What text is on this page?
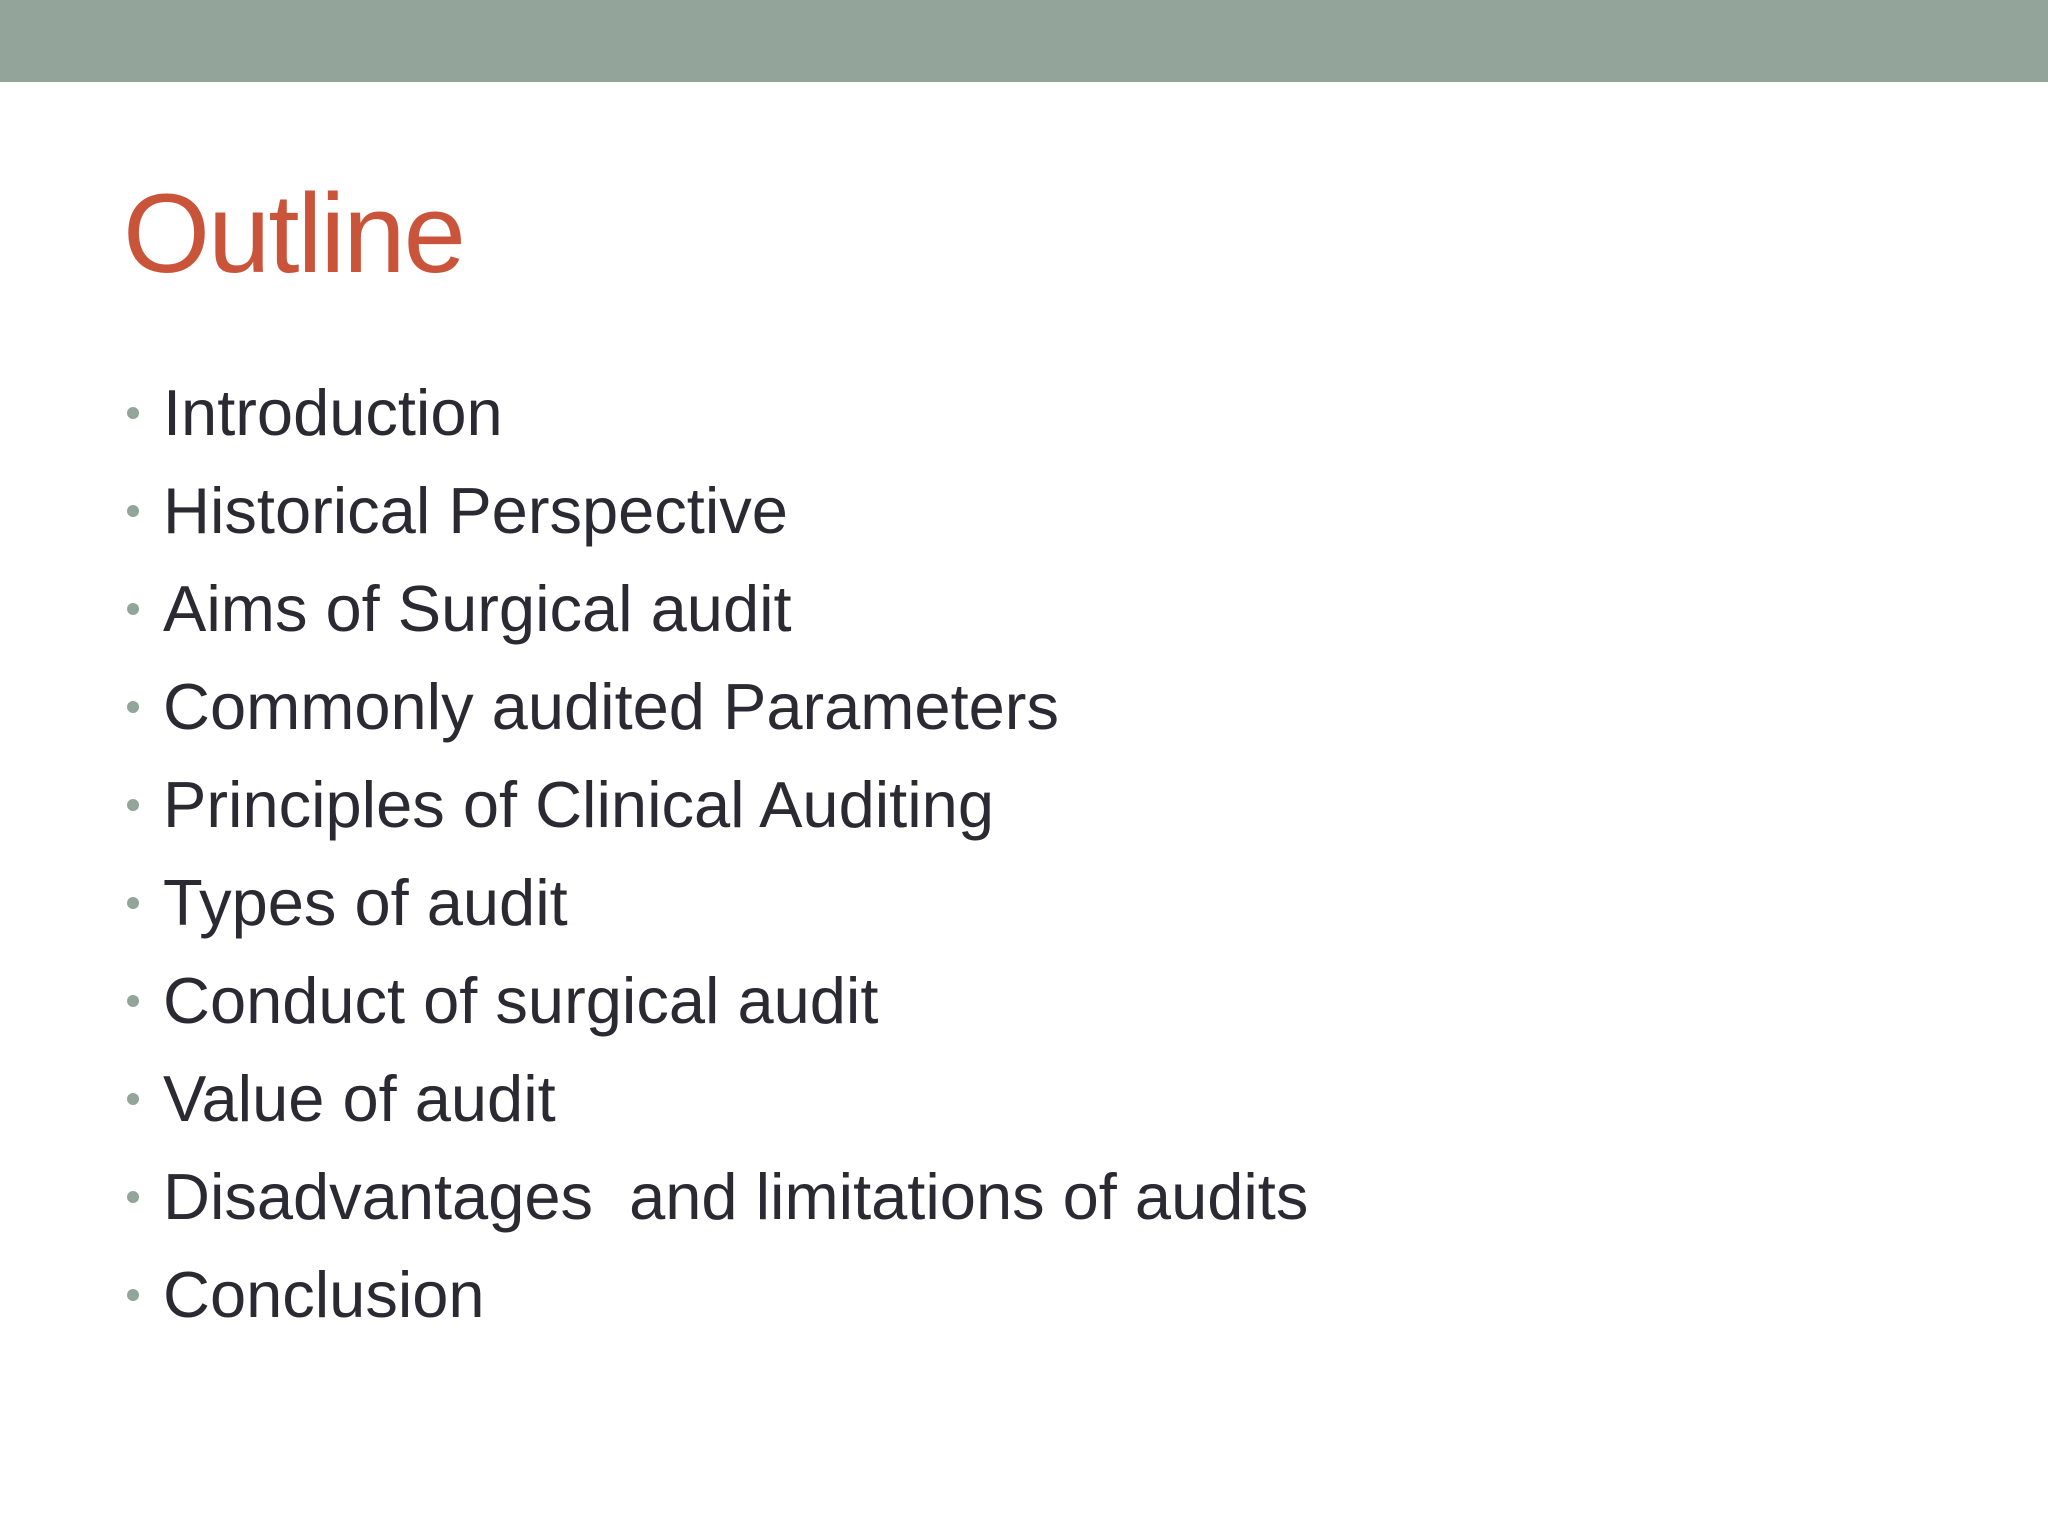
Outline
Introduction
Historical Perspective
Aims of Surgical audit
Commonly audited Parameters
Principles of Clinical Auditing
Types of audit
Conduct of surgical audit
Value of audit
Disadvantages  and limitations of audits
Conclusion
